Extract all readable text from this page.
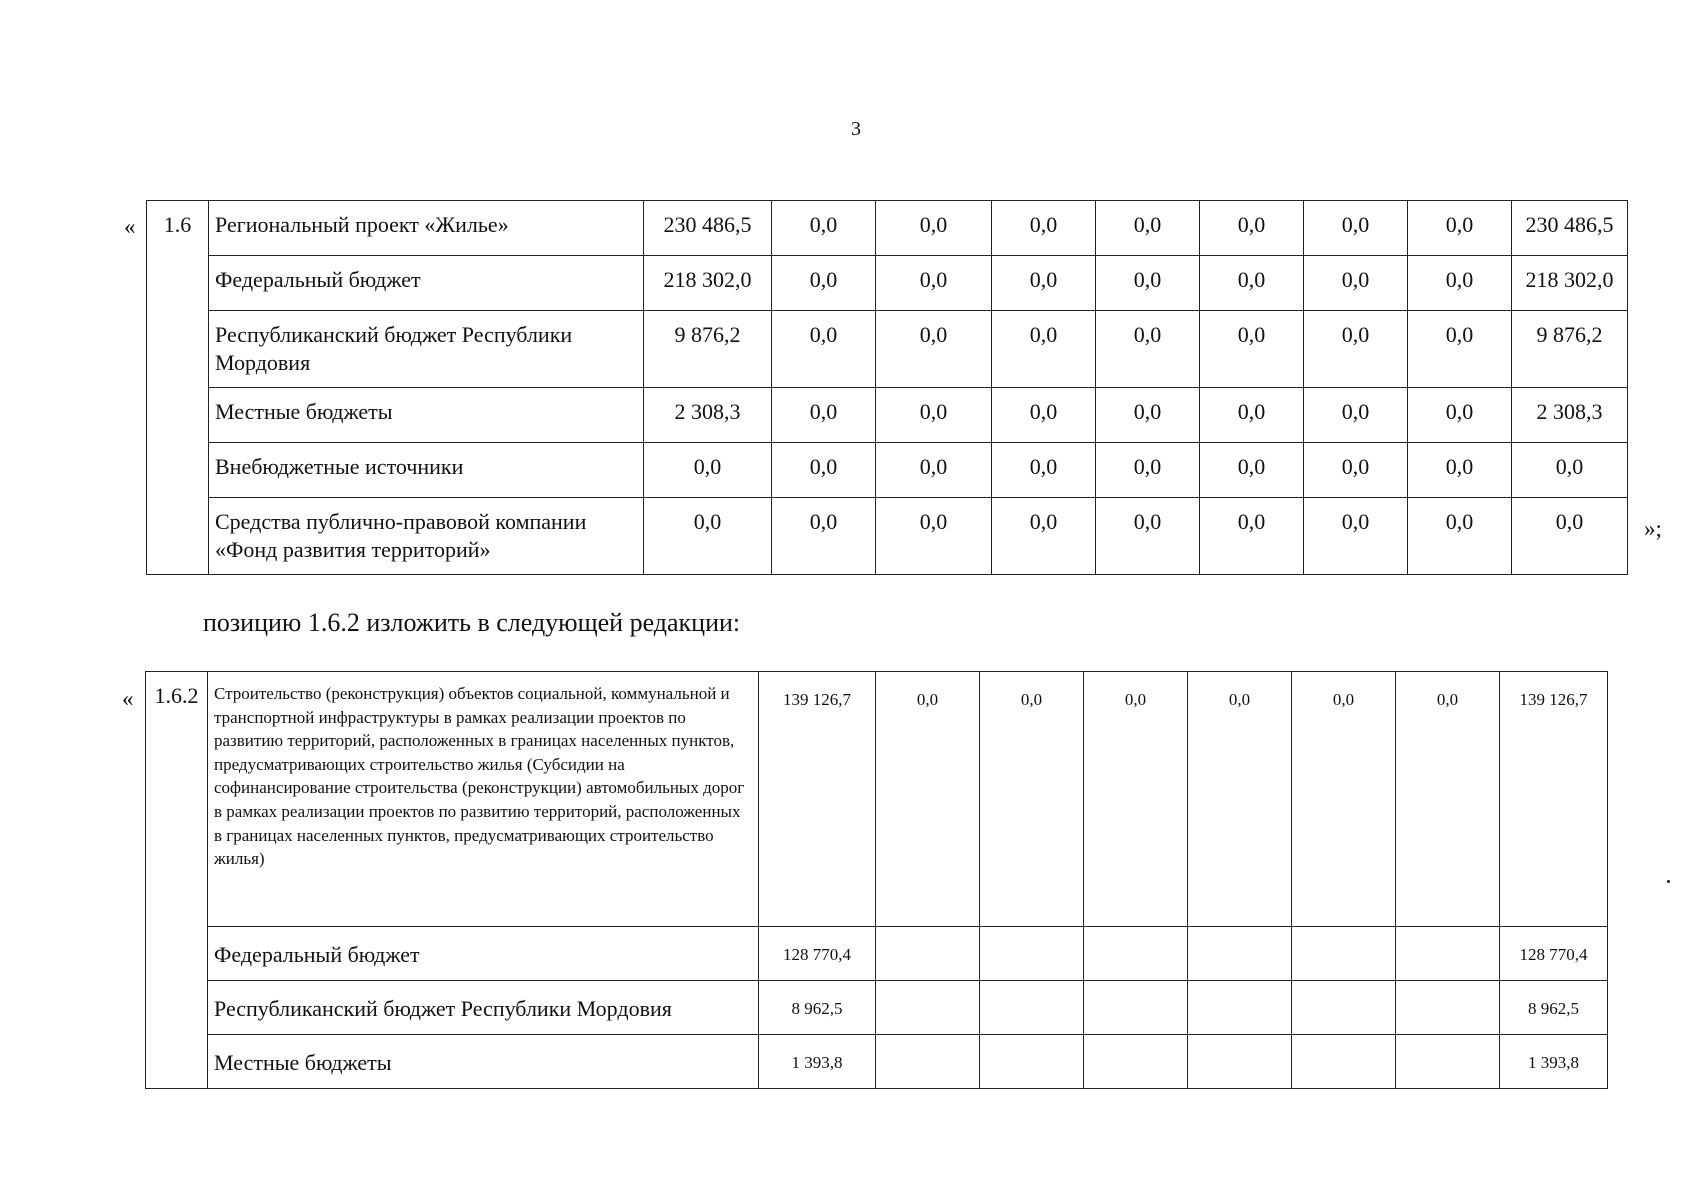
3
«
»;
1.6	Региональный проект «Жилье»	230 486,5	0,0	0,0	0,0	0,0	0,0	0,0	0,0	230 486,5
	Федеральный бюджет	218 302,0	0,0	0,0	0,0	0,0	0,0	0,0	0,0	218 302,0
	Республиканский бюджет Республики Мордовия	9 876,2	0,0	0,0	0,0	0,0	0,0	0,0	0,0	9 876,2
	Местные бюджеты	2 308,3	0,0	0,0	0,0	0,0	0,0	0,0	0,0	2 308,3
	Внебюджетные источники	0,0	0,0	0,0	0,0	0,0	0,0	0,0	0,0	0,0
	Средства публично-правовой компании «Фонд развития территорий»	0,0	0,0	0,0	0,0	0,0	0,0	0,0	0,0	0,0
позицию 1.6.2 изложить в следующей редакции:
« 1.6.2	Строительство (реконструкция) объектов социальной, коммунальной и транспортной инфраструктуры в рамках реализации проектов по развитию территорий, расположенных в границах населенных пунктов, предусматривающих строительство жилья (Субсидии на софинансирование строительства (реконструкции) автомобильных дорог в рамках реализации проектов по развитию территорий, расположенных в границах населенных пунктов, предусматривающих строительство жилья)	139 126,7	0,0	0,0	0,0	0,0	0,0	0,0	139 126,7
	Федеральный бюджет	128 770,4							128 770,4
	Республиканский бюджет Республики Мордовия	8 962,5							8 962,5
	Местные бюджеты	1 393,8							1 393,8
